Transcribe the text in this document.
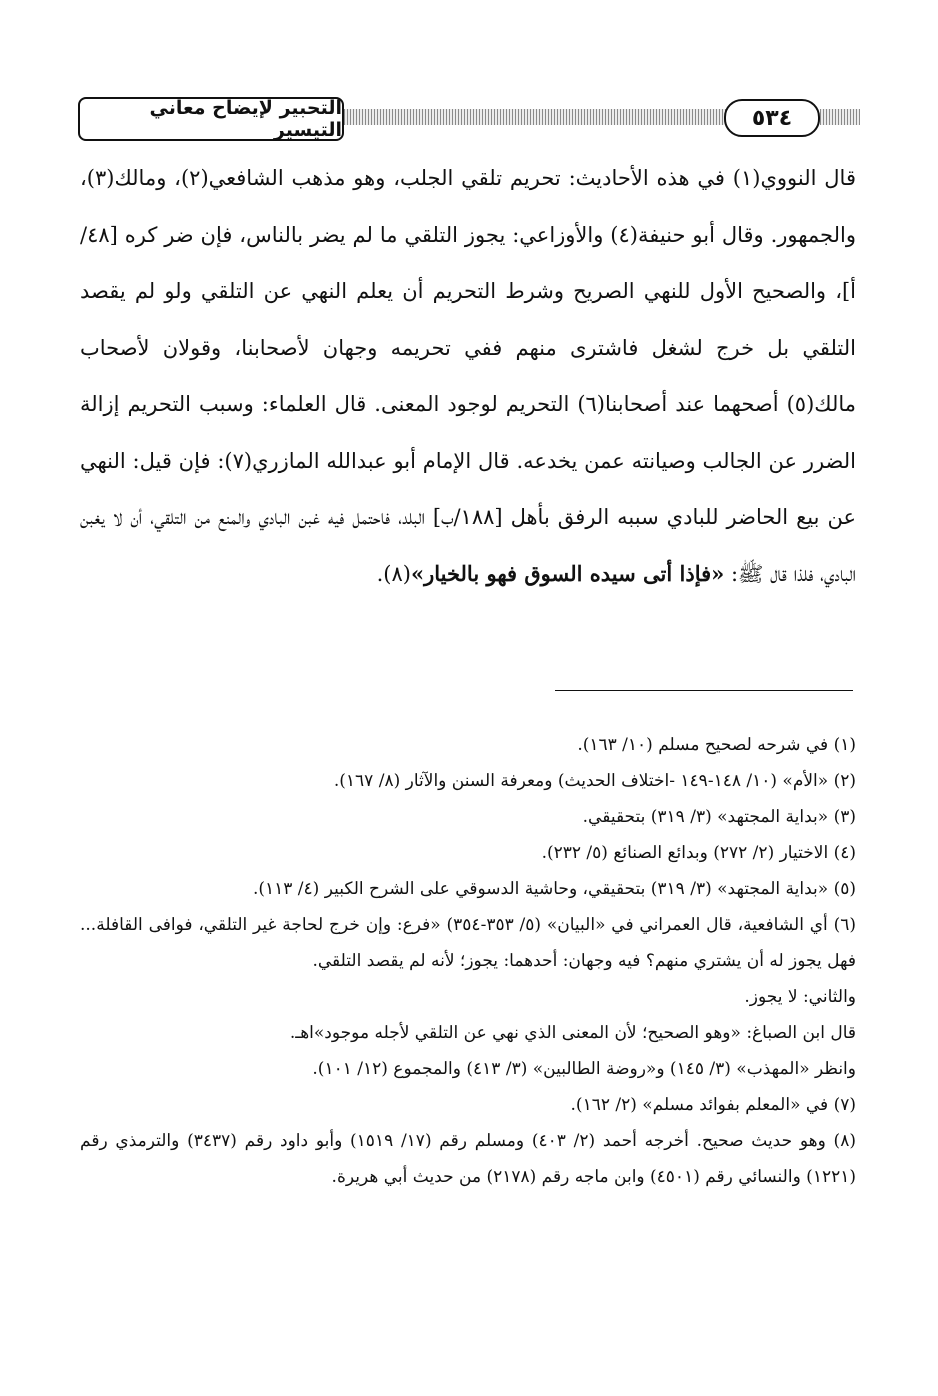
التحبير لإيضاح معاني التيسير	٥٣٤

قال النووي(١) في هذه الأحاديث: تحريم تلقي الجلب، وهو مذهب الشافعي(٢)، ومالك(٣)، والجمهور. وقال أبو حنيفة(٤) والأوزاعي: يجوز التلقي ما لم يضر بالناس، فإن ضر كره [٤٨/أ]، والصحيح الأول للنهي الصريح وشرط التحريم أن يعلم النهي عن التلقي ولو لم يقصد التلقي بل خرج لشغل فاشترى منهم ففي تحريمه وجهان لأصحابنا، وقولان لأصحاب مالك(٥) أصحهما عند أصحابنا(٦) التحريم لوجود المعنى. قال العلماء: وسبب التحريم إزالة الضرر عن الجالب وصيانته عمن يخدعه. قال الإمام أبو عبدالله المازري(٧): فإن قيل: النهي عن بيع الحاضر للبادي سببه الرفق بأهل [١٨٨/ب] البلد، فاحتمل فيه غبن البادي والمنع من التلقي، أن لا يغبن البادي، فلذا قال ﷺ: «فإذا أتى سيده السوق فهو بالخيار»(٨).

(١) في شرحه لصحيح مسلم (١٠/ ١٦٣).

(٢) «الأم» (١٠/ ١٤٨-١٤٩ -اختلاف الحديث) ومعرفة السنن والآثار (٨/ ١٦٧).

(٣) «بداية المجتهد» (٣/ ٣١٩) بتحقيقي.

(٤) الاختيار (٢/ ٢٧٢) وبدائع الصنائع (٥/ ٢٣٢).

(٥) «بداية المجتهد» (٣/ ٣١٩) بتحقيقي، وحاشية الدسوقي على الشرح الكبير (٤/ ١١٣).

(٦) أي الشافعية، قال العمراني في «البيان» (٥/ ٣٥٣-٣٥٤) «فرع: وإن خرج لحاجة غير التلقي، فوافى القافلة... فهل يجوز له أن يشتري منهم؟ فيه وجهان: أحدهما: يجوز؛ لأنه لم يقصد التلقي.

والثاني: لا يجوز.

قال ابن الصباغ: «وهو الصحيح؛ لأن المعنى الذي نهي عن التلقي لأجله موجود»اهـ.

وانظر «المهذب» (٣/ ١٤٥) و«روضة الطالبين» (٣/ ٤١٣) والمجموع (١٢/ ١٠١).

(٧) في «المعلم بفوائد مسلم» (٢/ ١٦٢).

(٨) وهو حديث صحيح. أخرجه أحمد (٢/ ٤٠٣) ومسلم رقم (١٧/ ١٥١٩) وأبو داود رقم (٣٤٣٧) والترمذي رقم (١٢٢١) والنسائي رقم (٤٥٠١) وابن ماجه رقم (٢١٧٨) من حديث أبي هريرة.
